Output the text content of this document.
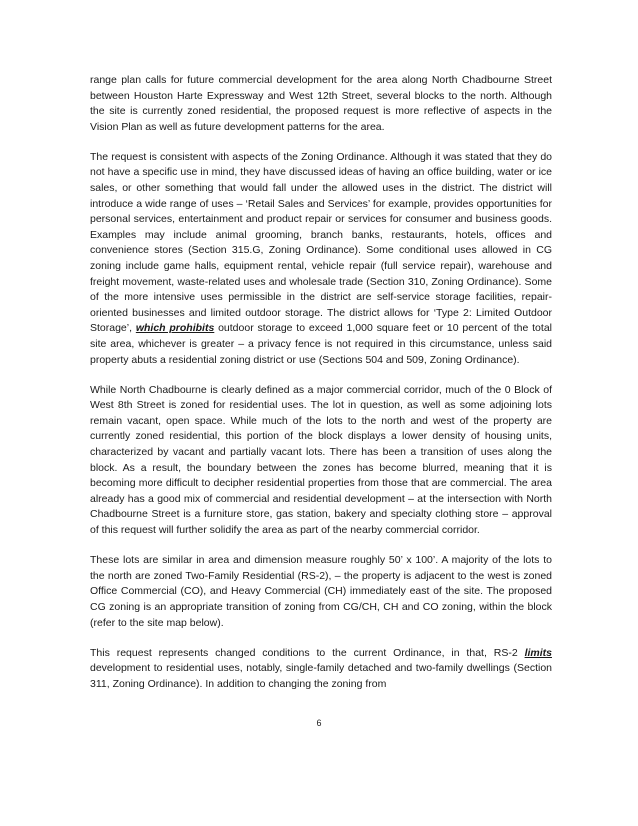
range plan calls for future commercial development for the area along North Chadbourne Street between Houston Harte Expressway and West 12th Street, several blocks to the north. Although the site is currently zoned residential, the proposed request is more reflective of aspects in the Vision Plan as well as future development patterns for the area.

The request is consistent with aspects of the Zoning Ordinance. Although it was stated that they do not have a specific use in mind, they have discussed ideas of having an office building, water or ice sales, or other something that would fall under the allowed uses in the district. The district will introduce a wide range of uses – ‘Retail Sales and Services’ for example, provides opportunities for personal services, entertainment and product repair or services for consumer and business goods. Examples may include animal grooming, branch banks, restaurants, hotels, offices and convenience stores (Section 315.G, Zoning Ordinance). Some conditional uses allowed in CG zoning include game halls, equipment rental, vehicle repair (full service repair), warehouse and freight movement, waste-related uses and wholesale trade (Section 310, Zoning Ordinance). Some of the more intensive uses permissible in the district are self-service storage facilities, repair-oriented businesses and limited outdoor storage. The district allows for ‘Type 2: Limited Outdoor Storage’, which prohibits outdoor storage to exceed 1,000 square feet or 10 percent of the total site area, whichever is greater – a privacy fence is not required in this circumstance, unless said property abuts a residential zoning district or use (Sections 504 and 509, Zoning Ordinance).

While North Chadbourne is clearly defined as a major commercial corridor, much of the 0 Block of West 8th Street is zoned for residential uses. The lot in question, as well as some adjoining lots remain vacant, open space. While much of the lots to the north and west of the property are currently zoned residential, this portion of the block displays a lower density of housing units, characterized by vacant and partially vacant lots. There has been a transition of uses along the block. As a result, the boundary between the zones has become blurred, meaning that it is becoming more difficult to decipher residential properties from those that are commercial. The area already has a good mix of commercial and residential development – at the intersection with North Chadbourne Street is a furniture store, gas station, bakery and specialty clothing store – approval of this request will further solidify the area as part of the nearby commercial corridor.

These lots are similar in area and dimension measure roughly 50’ x 100’. A majority of the lots to the north are zoned Two-Family Residential (RS-2), – the property is adjacent to the west is zoned Office Commercial (CO), and Heavy Commercial (CH) immediately east of the site. The proposed CG zoning is an appropriate transition of zoning from CG/CH, CH and CO zoning, within the block (refer to the site map below).

This request represents changed conditions to the current Ordinance, in that, RS-2 limits development to residential uses, notably, single-family detached and two-family dwellings (Section 311, Zoning Ordinance). In addition to changing the zoning from

6
